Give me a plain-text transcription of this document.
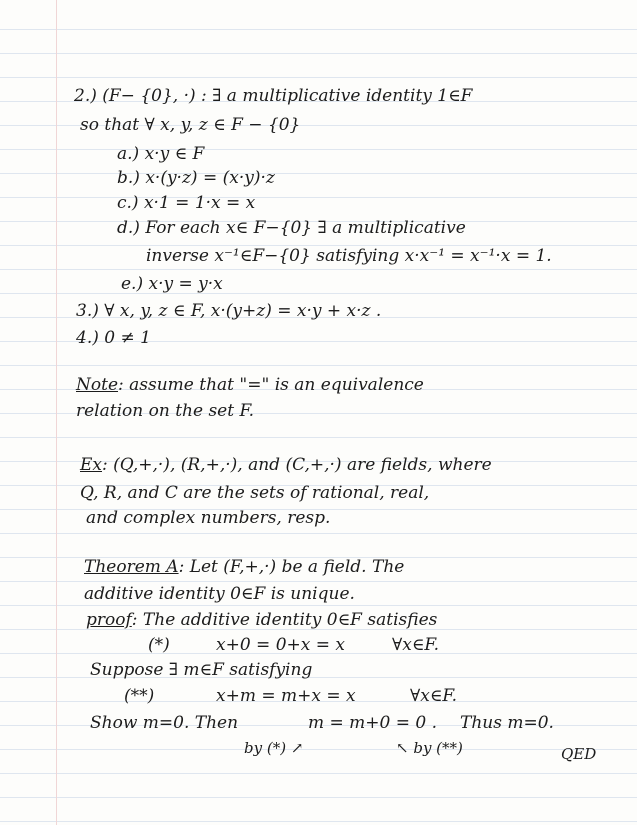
2.) (F− {0}, ·) : ∃ a multiplicative identity 1∈F
so that ∀ x, y, z ∈ F − {0}
a.) x·y ∈ F
b.) x·(y·z) = (x·y)·z
c.) x·1 = 1·x = x
d.) For each x∈ F−{0} ∃ a multiplicative
inverse x⁻¹∈F−{0} satisfying x·x⁻¹ = x⁻¹·x = 1.
e.) x·y = y·x
3.) ∀ x, y, z ∈ F, x·(y+z) = x·y + x·z .
4.) 0 ≠ 1
Note: assume that "=" is an equivalence
relation on the set F.
Ex: (Q,+,·), (R,+,·), and (C,+,·) are fields, where
Q, R, and C are the sets of rational, real,
and complex numbers, resp.
Theorem A: Let (F,+,·) be a field. The
additive identity 0∈F is unique.
proof: The additive identity 0∈F satisfies
(*)	x+0 = 0+x = x	∀x∈F.
Suppose ∃ m∈F satisfying
(**)	x+m = m+x = x	∀x∈F.
Show m=0. Then	m = m+0 = 0 . Thus m=0.
by (*) ↗	↖ by (**)	QED
